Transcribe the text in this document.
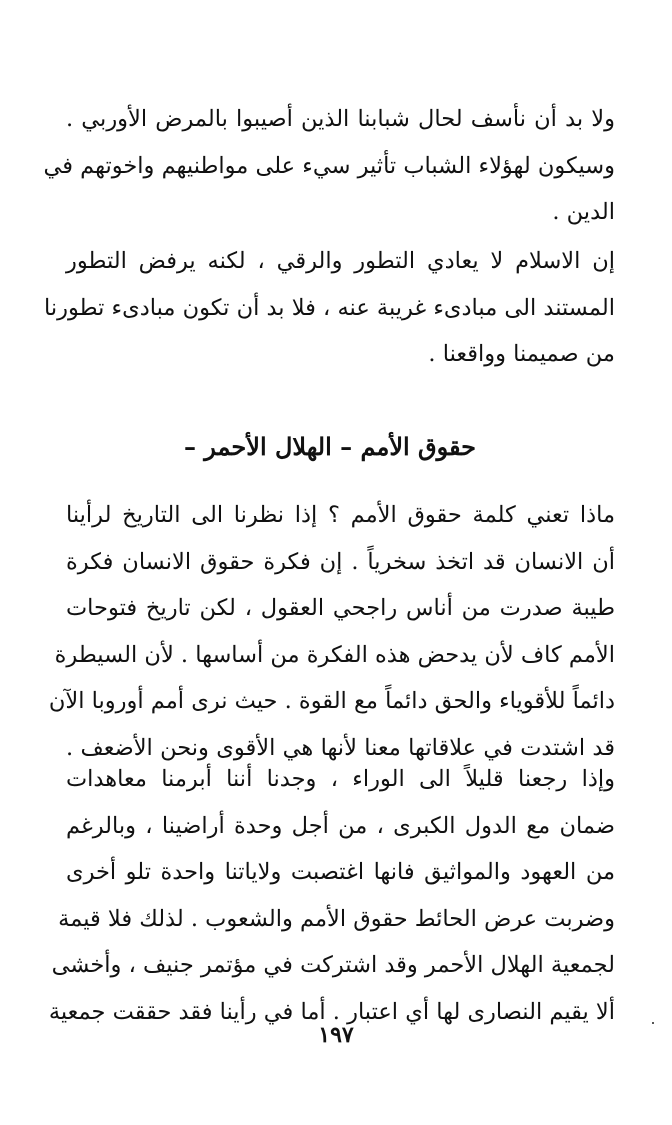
ولا بد أن نأسف لحال شبابنا الذين أصيبوا بالمرض الأوربي .
وسيكون لهؤلاء الشباب تأثير سيء على مواطنيهم واخوتهم في
الدين .
إن الاسلام لا يعادي التطور والرقي ، لكنه يرفض التطور
المستند الى مبادىء غريبة عنه ، فلا بد أن تكون مبادىء تطورنا
من صميمنا وواقعنا .
حقوق الأمم – الهلال الأحمر –
ماذا تعني كلمة حقوق الأمم ؟ إذا نظرنا الى التاريخ لرأينا
أن الانسان قد اتخذ سخرياً . إن فكرة حقوق الانسان فكرة
طيبة صدرت من أناس راجحي العقول ، لكن تاريخ فتوحات
الأمم كاف لأن يدحض هذه الفكرة من أساسها . لأن السيطرة
دائماً للأقوياء والحق دائماً مع القوة . حيث نرى أمم أوروبا الآن
قد اشتدت في علاقاتها معنا لأنها هي الأقوى ونحن الأضعف .
وإذا رجعنا قليلاً الى الوراء ، وجدنا أننا أبرمنا معاهدات
ضمان مع الدول الكبرى ، من أجل وحدة أراضينا ، وبالرغم
من العهود والمواثيق فانها اغتصبت ولاياتنا واحدة تلو أخرى
وضربت عرض الحائط حقوق الأمم والشعوب . لذلك فلا قيمة
لجمعية الهلال الأحمر وقد اشتركت في مؤتمر جنيف ، وأخشى
ألا يقيم النصارى لها أي اعتبار . أما في رأينا فقد حققت جمعية
١٩٧
